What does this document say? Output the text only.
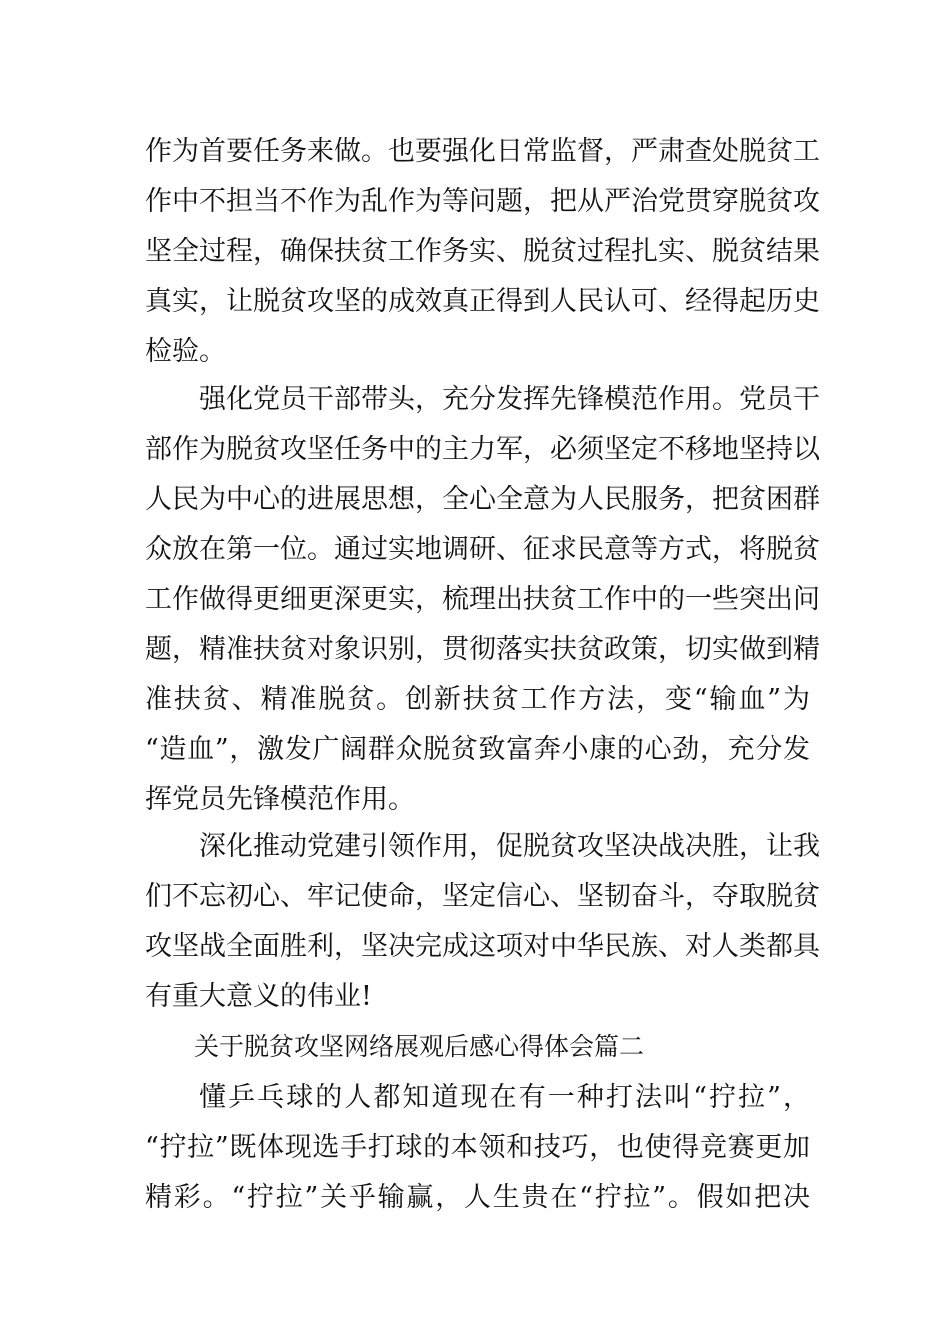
作为首要任务来做。也要强化日常监督，严肃查处脱贫工
作中不担当不作为乱作为等问题，把从严治党贯穿脱贫攻
坚全过程，确保扶贫工作务实、脱贫过程扎实、脱贫结果
真实，让脱贫攻坚的成效真正得到人民认可、经得起历史
检验。
强化党员干部带头，充分发挥先锋模范作用。党员干
部作为脱贫攻坚任务中的主力军，必须坚定不移地坚持以
人民为中心的进展思想，全心全意为人民服务，把贫困群
众放在第一位。通过实地调研、征求民意等方式，将脱贫
工作做得更细更深更实，梳理出扶贫工作中的一些突出问
题，精准扶贫对象识别，贯彻落实扶贫政策，切实做到精
准扶贫、精准脱贫。创新扶贫工作方法，变“输血”为
“造血”，激发广阔群众脱贫致富奔小康的心劲，充分发
挥党员先锋模范作用。
深化推动党建引领作用，促脱贫攻坚决战决胜，让我
们不忘初心、牢记使命，坚定信心、坚韧奋斗，夺取脱贫
攻坚战全面胜利，坚决完成这项对中华民族、对人类都具
有重大意义的伟业!
关于脱贫攻坚网络展观后感心得体会篇二
懂乒乓球的人都知道现在有一种打法叫“拧拉”，
“拧拉”既体现选手打球的本领和技巧，也使得竞赛更加
精彩。“拧拉”关乎输赢，人生贵在“拧拉”。假如把决
